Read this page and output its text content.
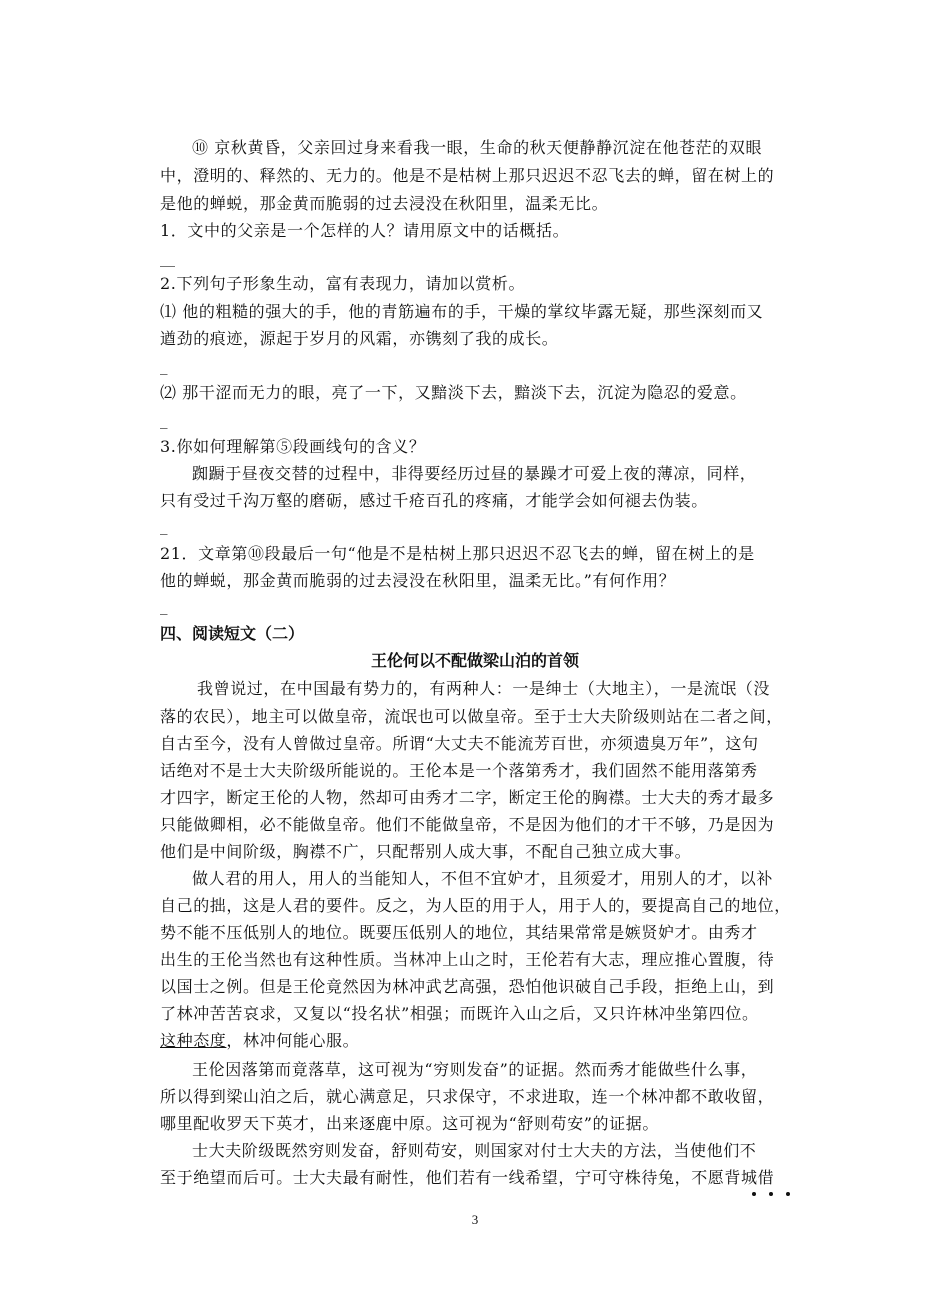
⑩ 京秋黄昏，父亲回过身来看我一眼，生命的秋天便静静沉淀在他苍茫的双眼
中，澄明的、释然的、无力的。他是不是枯树上那只迟迟不忍飞去的蝉，留在树上的
是他的蝉蜕，那金黄而脆弱的过去浸没在秋阳里，温柔无比。
1．文中的父亲是一个怎样的人？请用原文中的话概括。
__
2.下列句子形象生动，富有表现力，请加以赏析。
⑴ 他的粗糙的强大的手，他的青筋遍布的手，干燥的掌纹毕露无疑，那些深刻而又
遒劲的痕迹，源起于岁月的风霜，亦镌刻了我的成长。
_
⑵ 那干涩而无力的眼，亮了一下，又黯淡下去，黯淡下去，沉淀为隐忍的爱意。
_
3.你如何理解第⑤段画线句的含义？
踟蹰于昼夜交替的过程中，非得要经历过昼的暴躁才可爱上夜的薄凉，同样，
只有受过千沟万壑的磨砺，感过千疮百孔的疼痛，才能学会如何褪去伪装。
_
21．文章第⑩段最后一句“他是不是枯树上那只迟迟不忍飞去的蝉，留在树上的是
他的蝉蜕，那金黄而脆弱的过去浸没在秋阳里，温柔无比。”有何作用？
_
四、阅读短文（二）
王伦何以不配做梁山泊的首领
我曾说过，在中国最有势力的，有两种人：一是绅士（大地主），一是流氓（没
落的农民），地主可以做皇帝，流氓也可以做皇帝。至于士大夫阶级则站在二者之间，
自古至今，没有人曾做过皇帝。所谓“大丈夫不能流芳百世，亦须遗臭万年”，这句
话绝对不是士大夫阶级所能说的。王伦本是一个落第秀才，我们固然不能用落第秀
才四字，断定王伦的人物，然却可由秀才二字，断定王伦的胸襟。士大夫的秀才最多
只能做卿相，必不能做皇帝。他们不能做皇帝，不是因为他们的才干不够，乃是因为
他们是中间阶级，胸襟不广，只配帮别人成大事，不配自己独立成大事。
做人君的用人，用人的当能知人，不但不宜妒才，且须爱才，用别人的才，以补
自己的拙，这是人君的要件。反之，为人臣的用于人，用于人的，要提高自己的地位，
势不能不压低别人的地位。既要压低别人的地位，其结果常常是嫉贤妒才。由秀才
出生的王伦当然也有这种性质。当林冲上山之时，王伦若有大志，理应推心置腹，待
以国士之例。但是王伦竟然因为林冲武艺高强，恐怕他识破自己手段，拒绝上山，到
了林冲苦苦哀求，又复以“投名状”相强；而既许入山之后，又只许林冲坐第四位。
这种态度，林冲何能心服。
王伦因落第而竟落草，这可视为“穷则发奋”的证据。然而秀才能做些什么事，
所以得到梁山泊之后，就心满意足，只求保守，不求进取，连一个林冲都不敢收留，
哪里配收罗天下英才，出来逐鹿中原。这可视为“舒则苟安”的证据。
士大夫阶级既然穷则发奋，舒则苟安，则国家对付士大夫的方法，当使他们不
至于绝望而后可。士大夫最有耐性，他们若有一线希望，宁可守株待兔，不愿背城借
3
